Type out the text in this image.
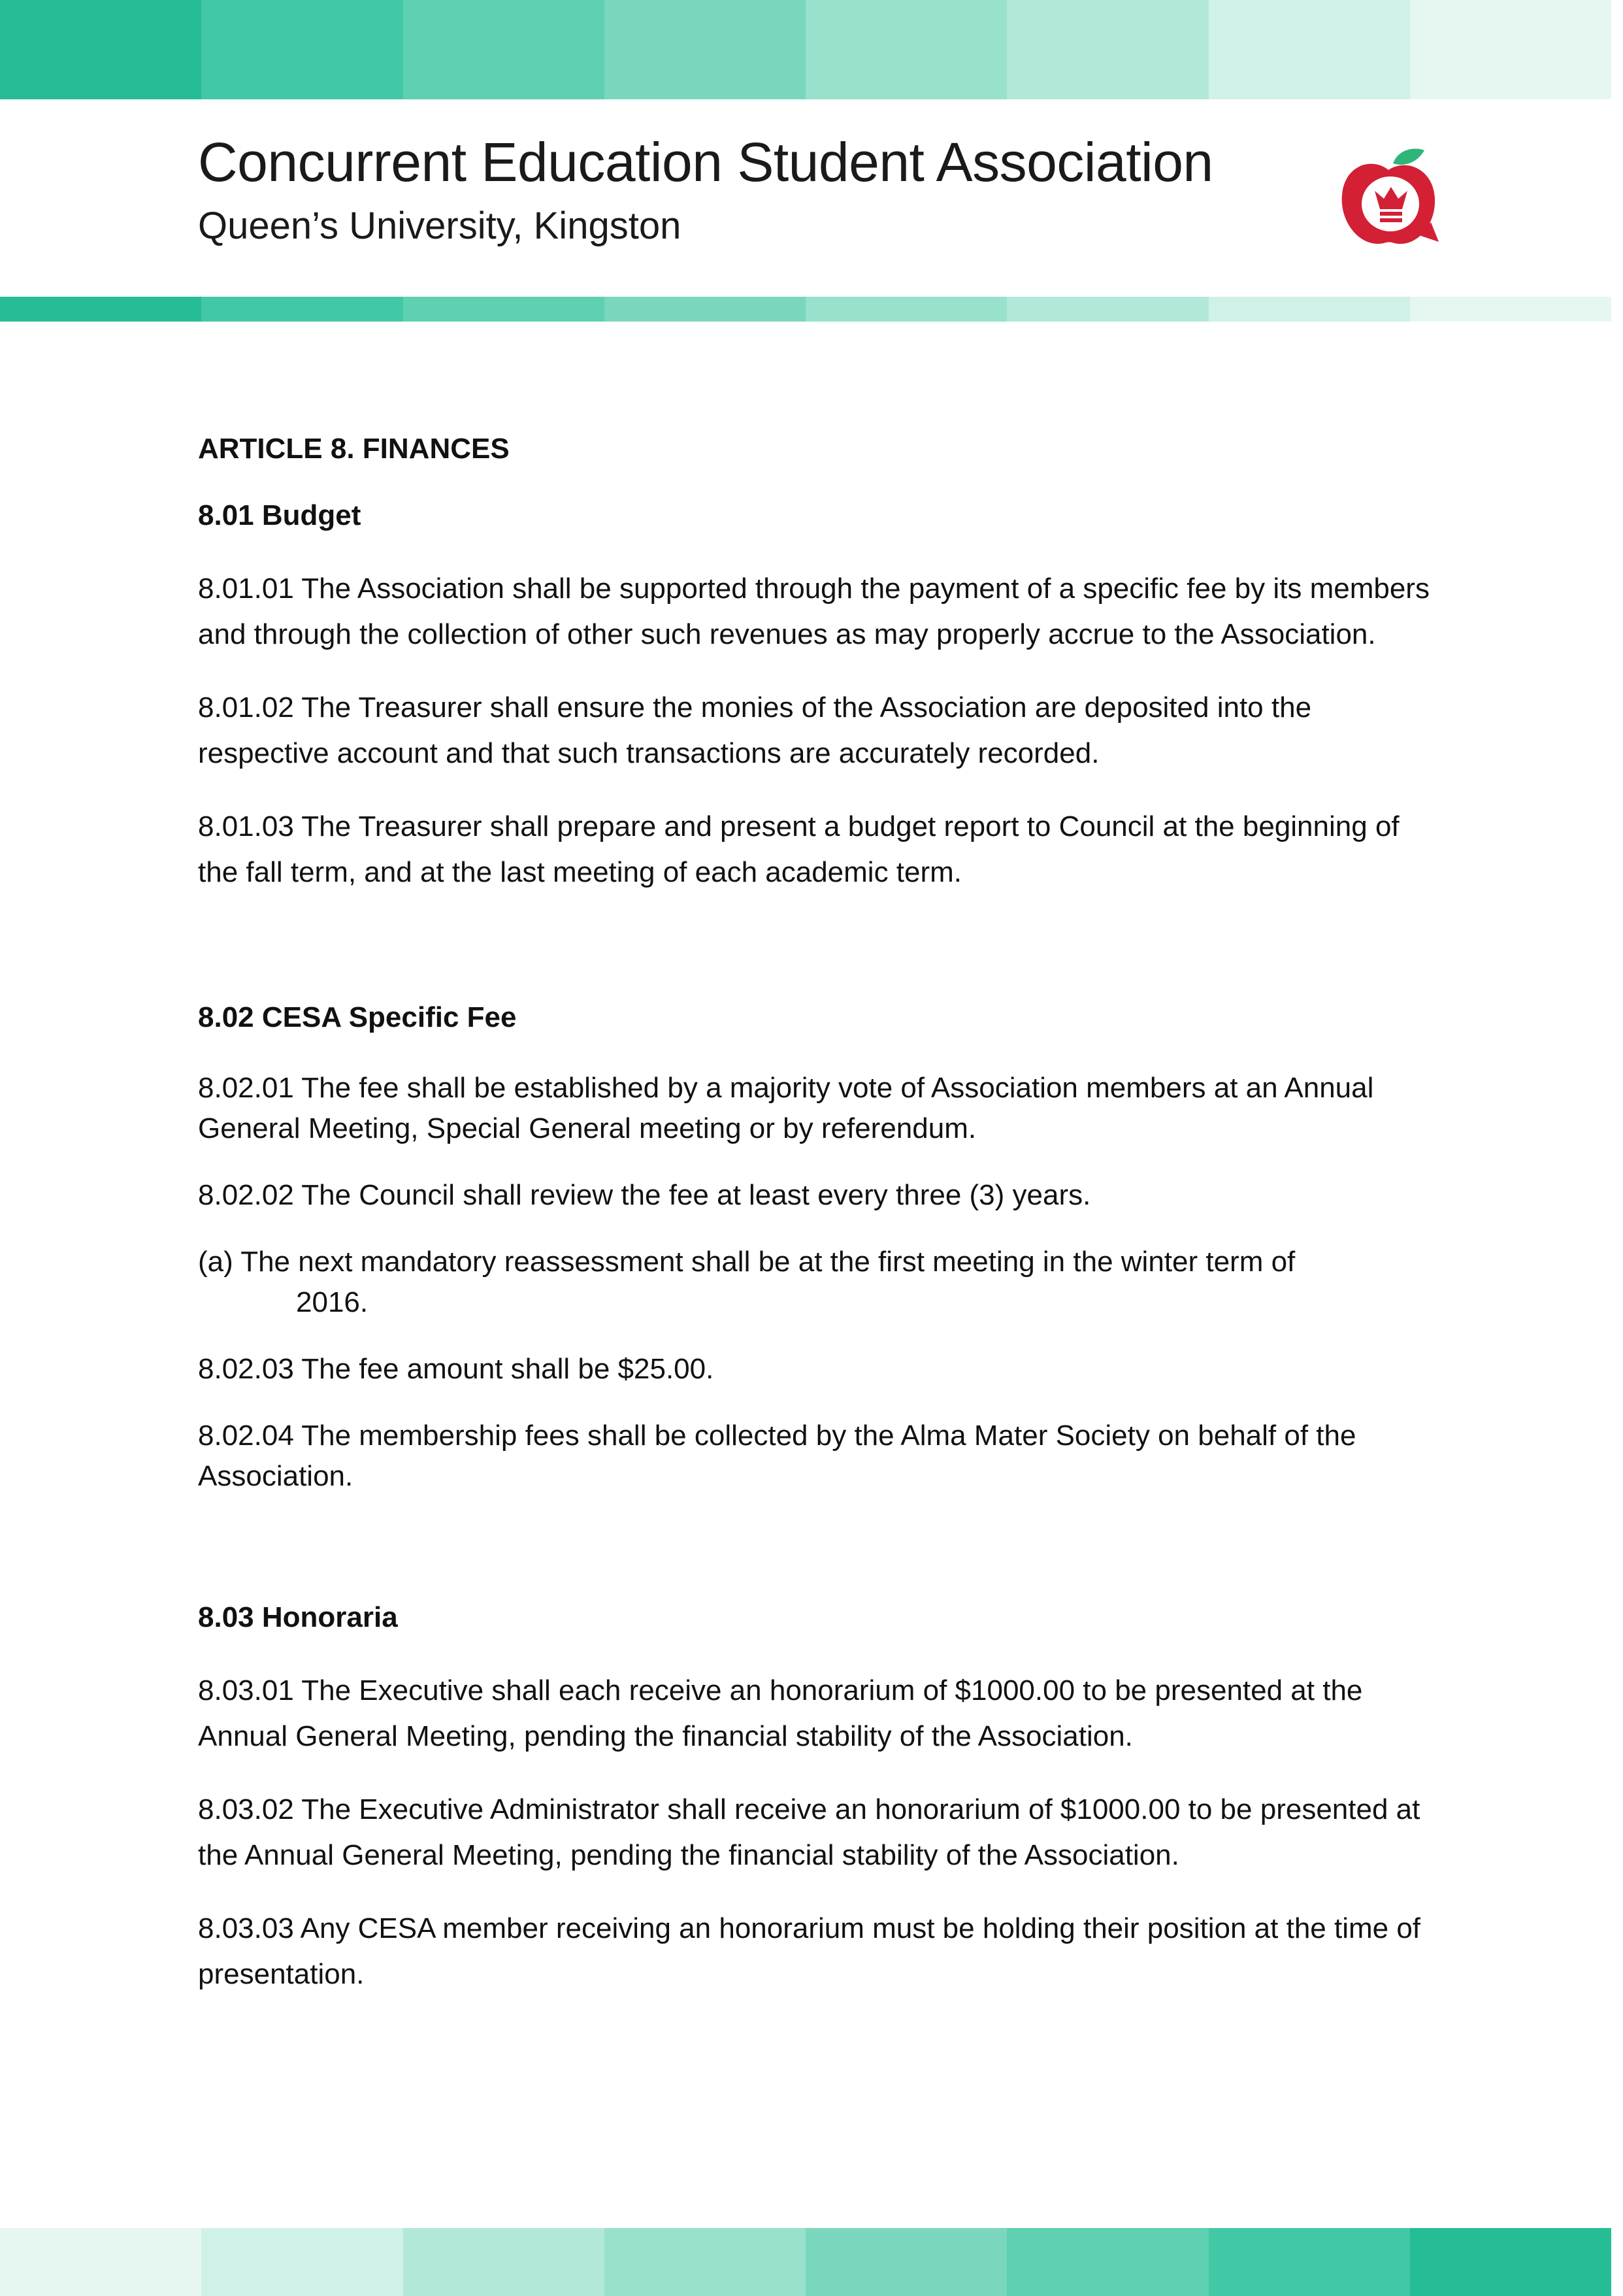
Concurrent Education Student Association
Queen’s University, Kingston
ARTICLE 8. FINANCES
8.01 Budget

8.01.01 The Association shall be supported through the payment of a specific fee by its members and through the collection of other such revenues as may properly accrue to the Association.

8.01.02 The Treasurer shall ensure the monies of the Association are deposited into the respective account and that such transactions are accurately recorded.

8.01.03 The Treasurer shall prepare and present a budget report to Council at the beginning of the fall term, and at the last meeting of each academic term.

8.02 CESA Specific Fee

8.02.01 The fee shall be established by a majority vote of Association members at an Annual General Meeting, Special General meeting or by referendum.

8.02.02 The Council shall review the fee at least every three (3) years.

(a) The next mandatory reassessment shall be at the first meeting in the winter term of
2016.

8.02.03 The fee amount shall be $25.00.

8.02.04 The membership fees shall be collected by the Alma Mater Society on behalf of the Association.

8.03 Honoraria

8.03.01 The Executive shall each receive an honorarium of $1000.00 to be presented at the Annual General Meeting, pending the financial stability of the Association.

8.03.02 The Executive Administrator shall receive an honorarium of $1000.00 to be presented at the Annual General Meeting, pending the financial stability of the Association.

8.03.03 Any CESA member receiving an honorarium must be holding their position at the time of presentation.
